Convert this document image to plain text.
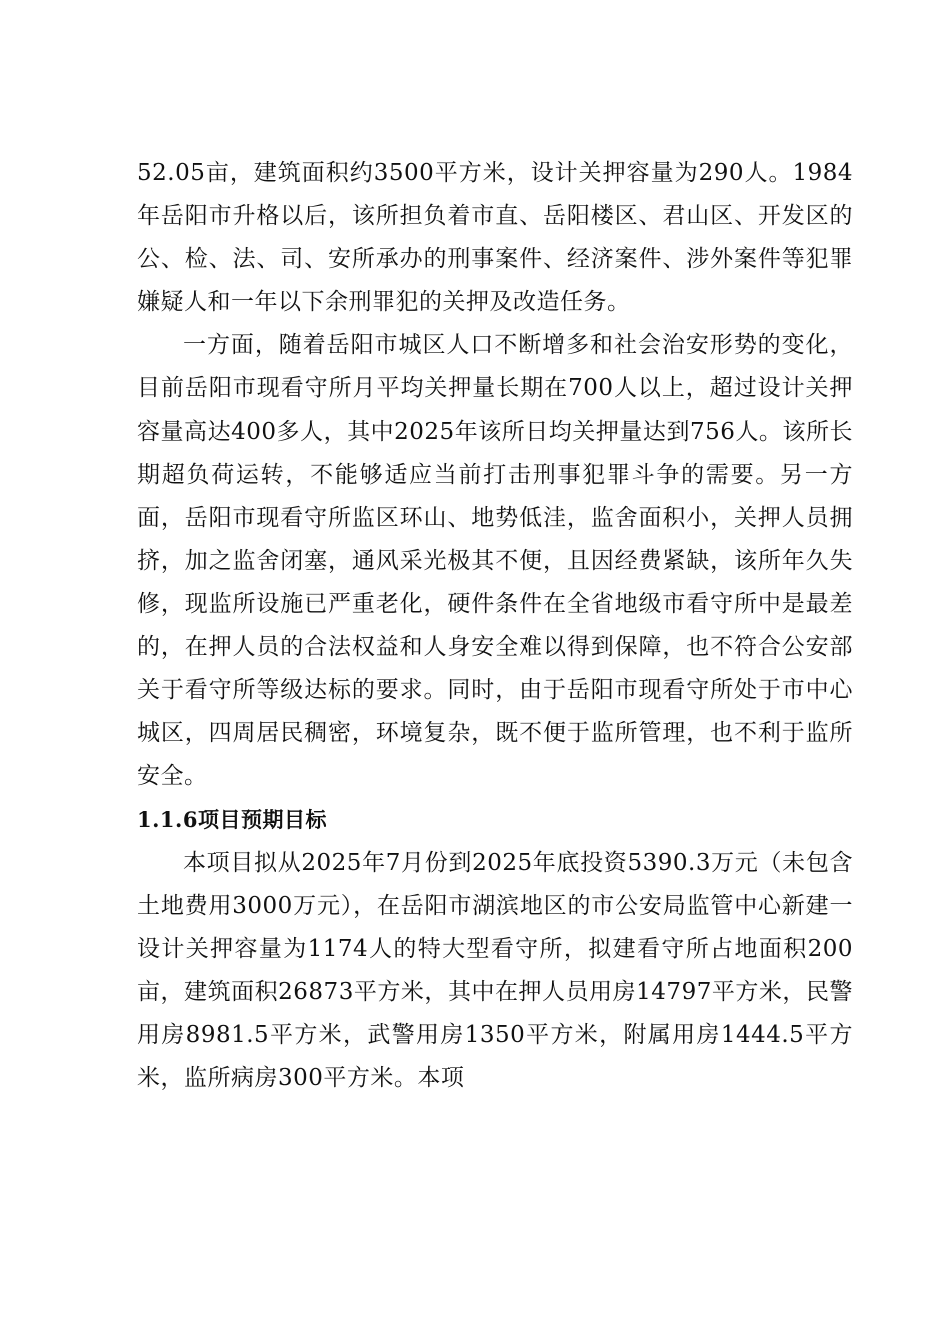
52.05亩，建筑面积约3500平方米，设计关押容量为290人。1984年岳阳市升格以后，该所担负着市直、岳阳楼区、君山区、开发区的公、检、法、司、安所承办的刑事案件、经济案件、涉外案件等犯罪嫌疑人和一年以下余刑罪犯的关押及改造任务。

一方面，随着岳阳市城区人口不断增多和社会治安形势的变化，目前岳阳市现看守所月平均关押量长期在700人以上，超过设计关押容量高达400多人，其中2025年该所日均关押量达到756人。该所长期超负荷运转，不能够适应当前打击刑事犯罪斗争的需要。另一方面，岳阳市现看守所监区环山、地势低洼，监舍面积小，关押人员拥挤，加之监舍闭塞，通风采光极其不便，且因经费紧缺，该所年久失修，现监所设施已严重老化，硬件条件在全省地级市看守所中是最差的，在押人员的合法权益和人身安全难以得到保障，也不符合公安部关于看守所等级达标的要求。同时，由于岳阳市现看守所处于市中心城区，四周居民稠密，环境复杂，既不便于监所管理，也不利于监所安全。

1.1.6项目预期目标

本项目拟从2025年7月份到2025年底投资5390.3万元（未包含土地费用3000万元），在岳阳市湖滨地区的市公安局监管中心新建一设计关押容量为1174人的特大型看守所，拟建看守所占地面积200亩，建筑面积26873平方米，其中在押人员用房14797平方米，民警用房8981.5平方米，武警用房1350平方米，附属用房1444.5平方米，监所病房300平方米。本项
